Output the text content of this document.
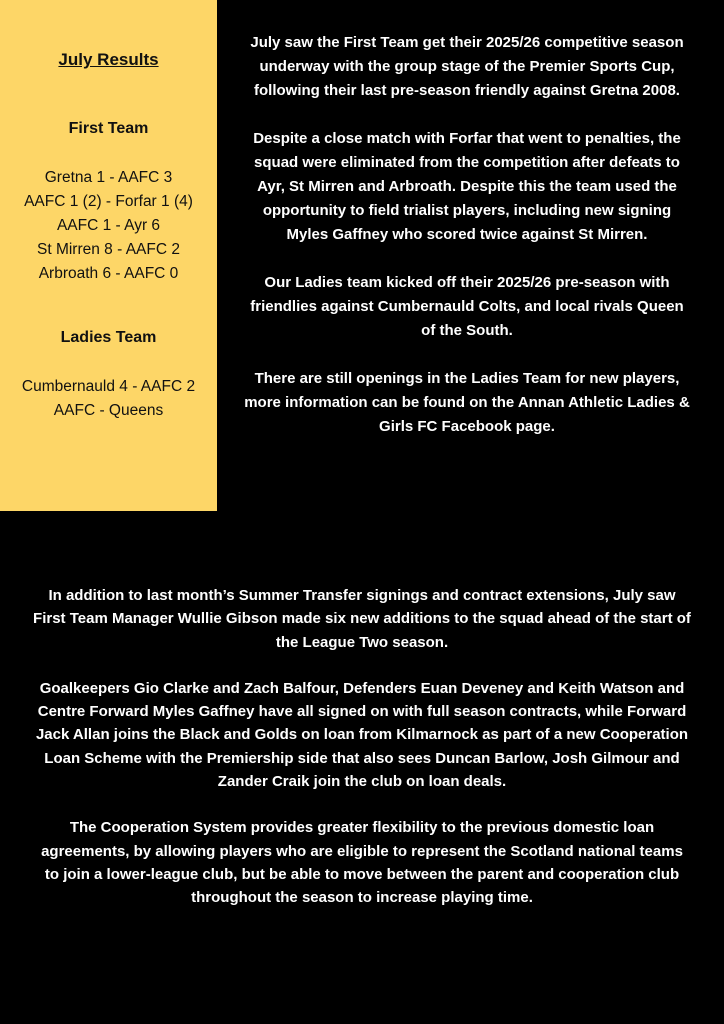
July Results
First Team
Gretna 1 - AAFC 3
AAFC 1 (2) - Forfar 1 (4)
AAFC 1 - Ayr 6
St Mirren 8 - AAFC 2
Arbroath 6 - AAFC 0
Ladies Team
Cumbernauld 4 - AAFC 2
AAFC - Queens

July saw the First Team get their 2025/26 competitive season underway with the group stage of the Premier Sports Cup, following their last pre-season friendly against Gretna 2008.

Despite a close match with Forfar that went to penalties, the squad were eliminated from the competition after defeats to Ayr, St Mirren and Arbroath. Despite this the team used the opportunity to field trialist players, including new signing Myles Gaffney who scored twice against St Mirren.

Our Ladies team kicked off their 2025/26 pre-season with friendlies against Cumbernauld Colts, and local rivals Queen of the South.

There are still openings in the Ladies Team for new players, more information can be found on the Annan Athletic Ladies & Girls FC Facebook page.

In addition to last month’s Summer Transfer signings and contract extensions, July saw First Team Manager Wullie Gibson made six new additions to the squad ahead of the start of the League Two season.

Goalkeepers Gio Clarke and Zach Balfour, Defenders Euan Deveney and Keith Watson and Centre Forward Myles Gaffney have all signed on with full season contracts, while Forward Jack Allan joins the Black and Golds on loan from Kilmarnock as part of a new Cooperation Loan Scheme with the Premiership side that also sees Duncan Barlow, Josh Gilmour and Zander Craik join the club on loan deals.

The Cooperation System provides greater flexibility to the previous domestic loan agreements, by allowing players who are eligible to represent the Scotland national teams to join a lower-league club, but be able to move between the parent and cooperation club throughout the season to increase playing time.
